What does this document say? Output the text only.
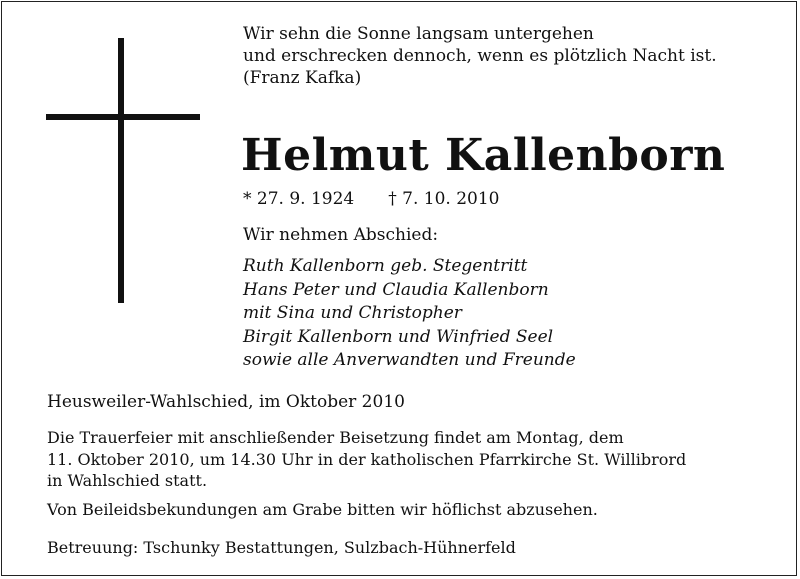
Wir sehn die Sonne langsam untergehen
und erschrecken dennoch, wenn es plötzlich Nacht ist.
(Franz Kafka)
Helmut Kallenborn
* 27. 9. 1924 † 7. 10. 2010
Wir nehmen Abschied:
Ruth Kallenborn geb. Stegentritt
Hans Peter und Claudia Kallenborn
mit Sina und Christopher
Birgit Kallenborn und Winfried Seel
sowie alle Anverwandten und Freunde
Heusweiler-Wahlschied, im Oktober 2010
Die Trauerfeier mit anschließender Beisetzung findet am Montag, dem
11. Oktober 2010, um 14.30 Uhr in der katholischen Pfarrkirche St. Willibrord
in Wahlschied statt.
Von Beileidsbekundungen am Grabe bitten wir höflichst abzusehen.
Betreuung: Tschunky Bestattungen, Sulzbach-Hühnerfeld
